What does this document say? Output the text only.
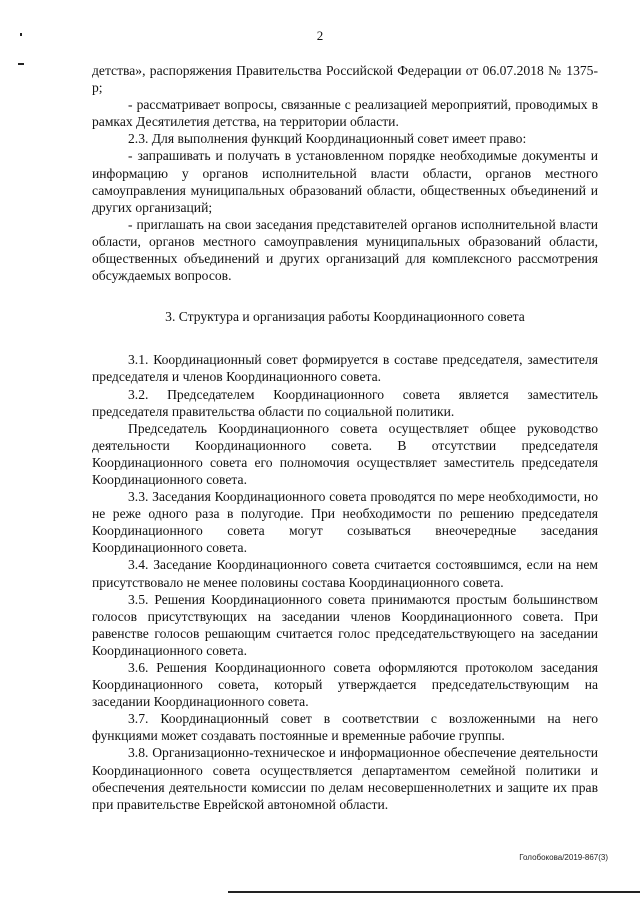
2

детства», распоряжения Правительства Российской Федерации от 06.07.2018 № 1375-р;

- рассматривает вопросы, связанные с реализацией мероприятий, проводимых в рамках Десятилетия детства, на территории области.

2.3. Для выполнения функций Координационный совет имеет право:

- запрашивать и получать в установленном порядке необходимые документы и информацию у органов исполнительной власти области, органов местного самоуправления муниципальных образований области, общественных объединений и других организаций;

- приглашать на свои заседания представителей органов исполнительной власти области, органов местного самоуправления муниципальных образований области, общественных объединений и других организаций для комплексного рассмотрения обсуждаемых вопросов.

3. Структура и организация работы Координационного совета

3.1. Координационный совет формируется в составе председателя, заместителя председателя и членов Координационного совета.

3.2. Председателем Координационного совета является заместитель председателя правительства области по социальной политики.

Председатель Координационного совета осуществляет общее руководство деятельности Координационного совета. В отсутствии председателя Координационного совета его полномочия осуществляет заместитель председателя Координационного совета.

3.3. Заседания Координационного совета проводятся по мере необходимости, но не реже одного раза в полугодие. При необходимости по решению председателя Координационного совета могут созываться внеочередные заседания Координационного совета.

3.4. Заседание Координационного совета считается состоявшимся, если на нем присутствовало не менее половины состава Координационного совета.

3.5. Решения Координационного совета принимаются простым большинством голосов присутствующих на заседании членов Координационного совета. При равенстве голосов решающим считается голос председательствующего на заседании Координационного совета.

3.6. Решения Координационного совета оформляются протоколом заседания Координационного совета, который утверждается председательствующим на заседании Координационного совета.

3.7. Координационный совет в соответствии с возложенными на него функциями может создавать постоянные и временные рабочие группы.

3.8. Организационно-техническое и информационное обеспечение деятельности Координационного совета осуществляется департаментом семейной политики и обеспечения деятельности комиссии по делам несовершеннолетних и защите их прав при правительстве Еврейской автономной области.

Голобокова/2019-867(3)
